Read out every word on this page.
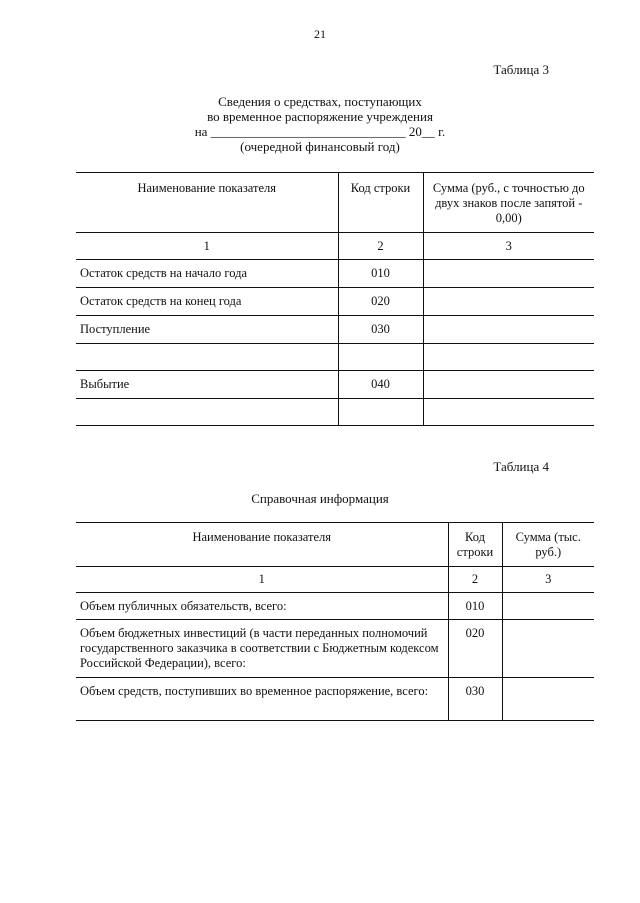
21
Таблица 3
Сведения о средствах, поступающих
во временное распоряжение учреждения
на ______________________________ 20__ г.
(очередной финансовый год)
Наименование показателя	Код строки	Сумма (руб., с точностью до двух знаков после запятой - 0,00)
1	2	3
Остаток средств на начало года	010	
Остаток средств на конец года	020	
Поступление	030	

Выбытие	040	

Таблица 4
Справочная информация
Наименование показателя	Код строки	Сумма (тыс. руб.)
1	2	3
Объем публичных обязательств, всего:	010	
Объем бюджетных инвестиций (в части переданных полномочий государственного заказчика в соответствии с Бюджетным кодексом Российской Федерации), всего:	020	
Объем средств, поступивших во временное распоряжение, всего:	030	
